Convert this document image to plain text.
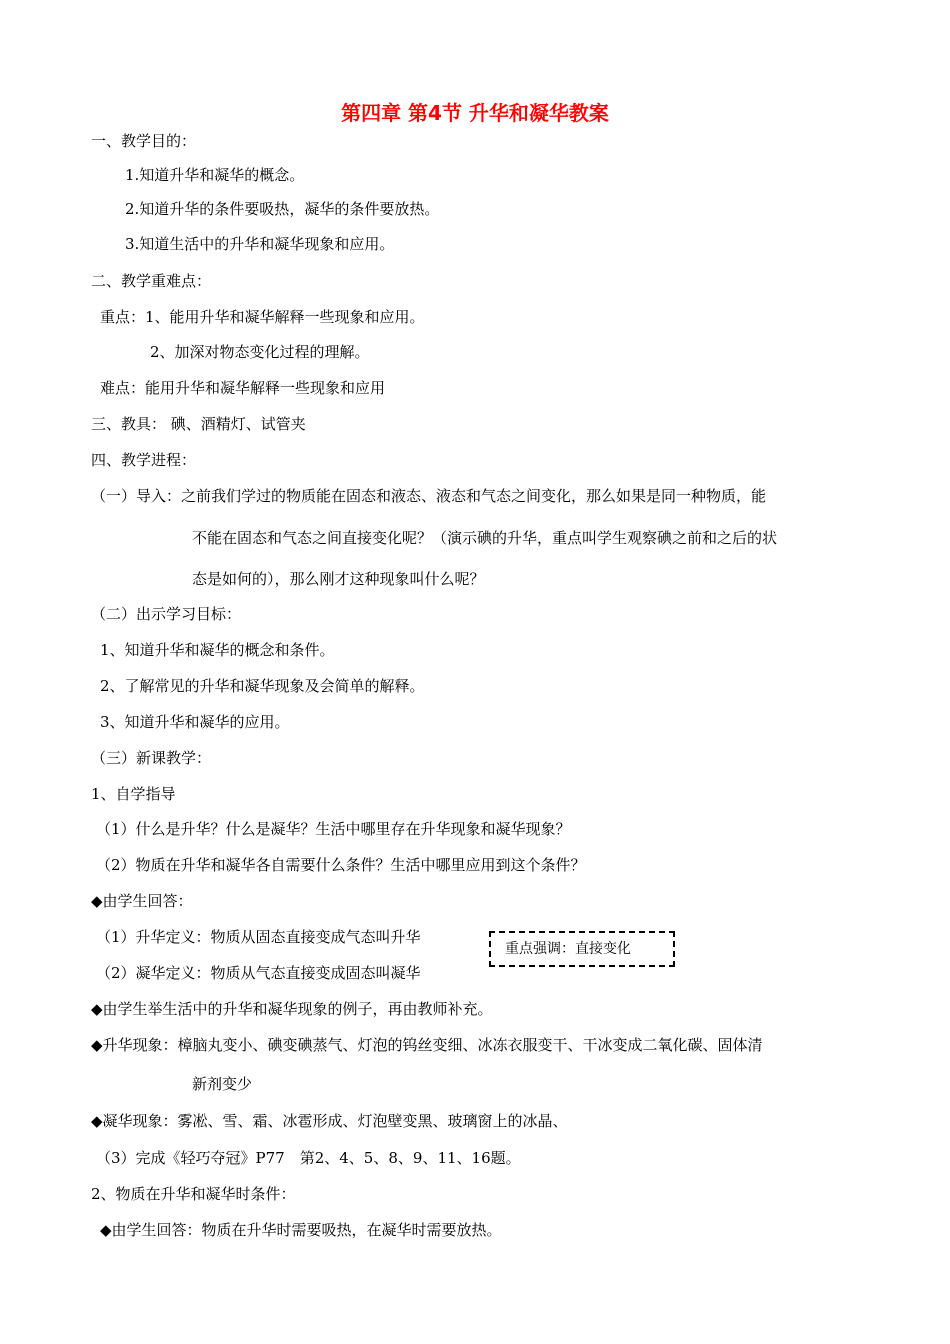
第四章 第4节 升华和凝华教案
一、教学目的：
1.知道升华和凝华的概念。
2.知道升华的条件要吸热，凝华的条件要放热。
3.知道生活中的升华和凝华现象和应用。
二、教学重难点：
重点：1、能用升华和凝华解释一些现象和应用。
2、加深对物态变化过程的理解。
难点：能用升华和凝华解释一些现象和应用
三、教具： 碘、酒精灯、试管夹
四、教学进程：
（一）导入：之前我们学过的物质能在固态和液态、液态和气态之间变化，那么如果是同一种物质，能
不能在固态和气态之间直接变化呢？（演示碘的升华，重点叫学生观察碘之前和之后的状
态是如何的），那么刚才这种现象叫什么呢？
（二）出示学习目标：
1、知道升华和凝华的概念和条件。
2、了解常见的升华和凝华现象及会简单的解释。
3、知道升华和凝华的应用。
（三）新课教学：
1、自学指导
（1）什么是升华？什么是凝华？生活中哪里存在升华现象和凝华现象？
（2）物质在升华和凝华各自需要什么条件？生活中哪里应用到这个条件？
◆由学生回答：
（1）升华定义：物质从固态直接变成气态叫升华
（2）凝华定义：物质从气态直接变成固态叫凝华
◆由学生举生活中的升华和凝华现象的例子，再由教师补充。
◆升华现象：樟脑丸变小、碘变碘蒸气、灯泡的钨丝变细、冰冻衣服变干、干冰变成二氧化碳、固体清
新剂变少
◆凝华现象：雾凇、雪、霜、冰雹形成、灯泡壁变黑、玻璃窗上的冰晶、
（3）完成《轻巧夺冠》P77　第2、4、5、8、9、11、16题。
2、物质在升华和凝华时条件：
◆由学生回答：物质在升华时需要吸热，在凝华时需要放热。
重点强调：直接变化
